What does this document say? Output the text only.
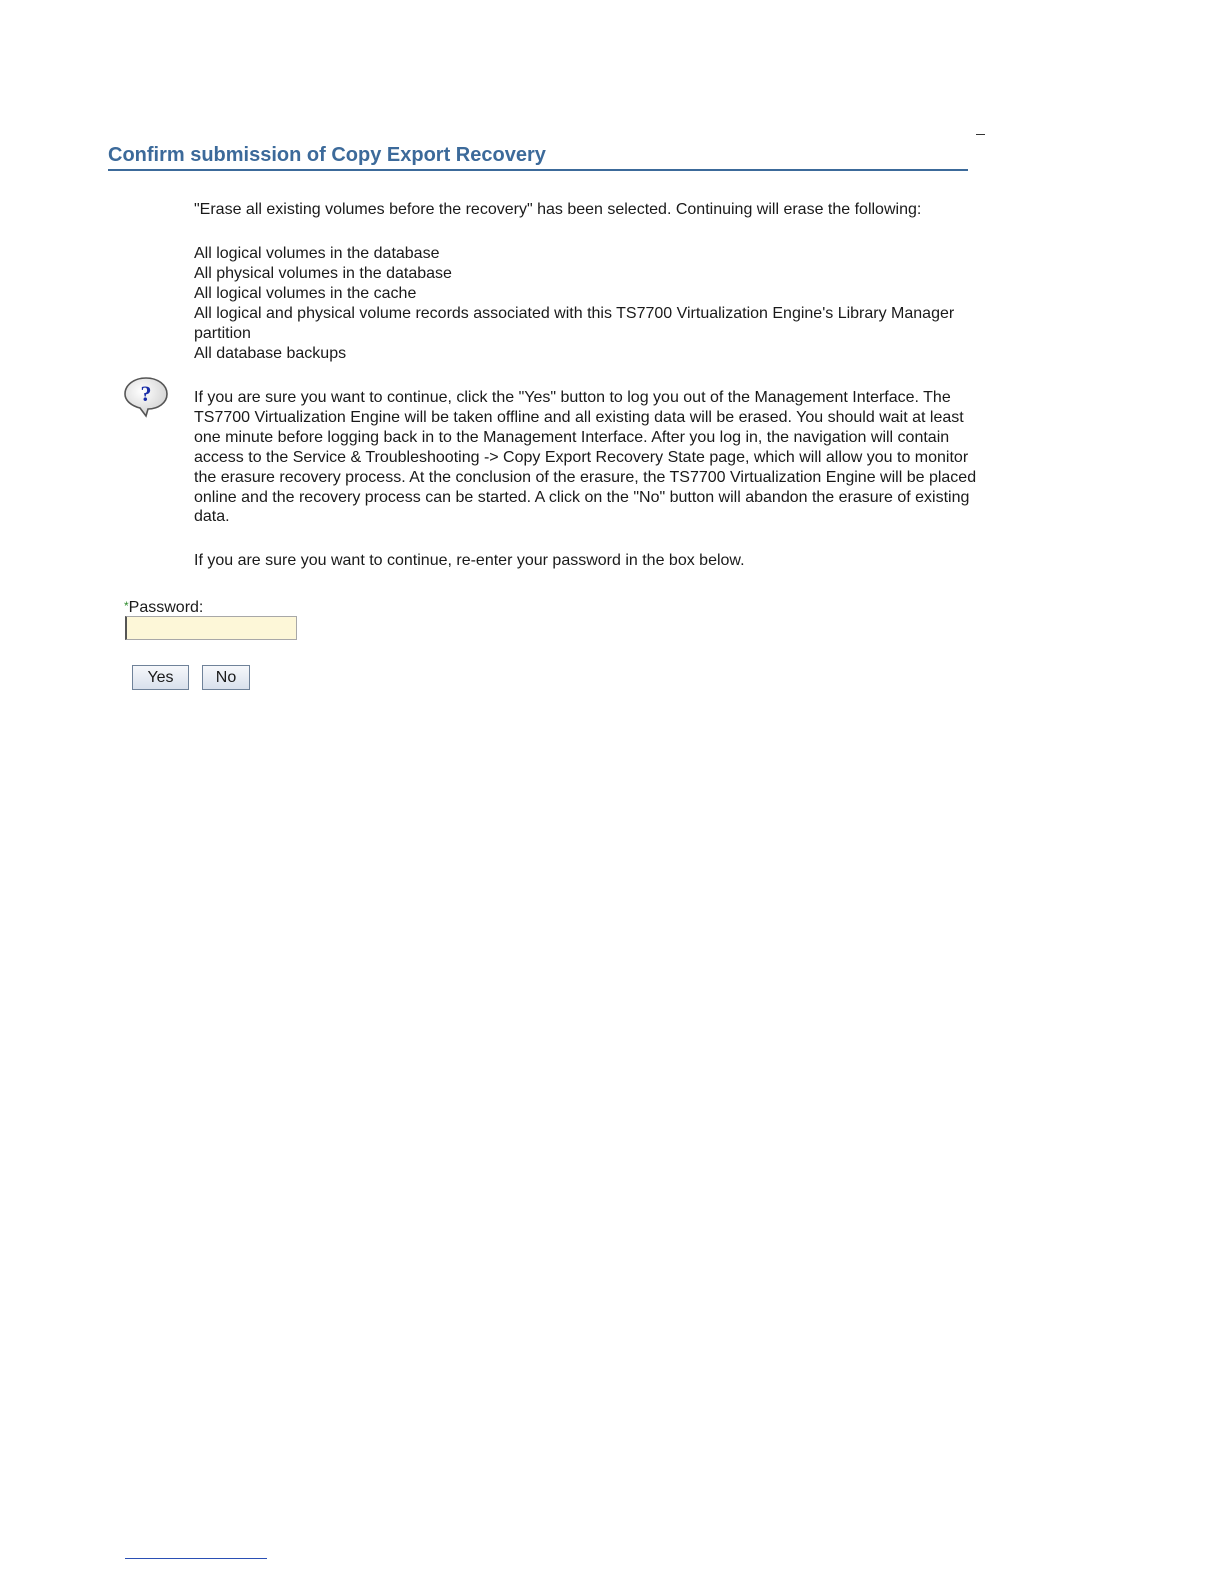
Confirm submission of Copy Export Recovery

"Erase all existing volumes before the recovery" has been selected. Continuing will erase the following:

All logical volumes in the database
All physical volumes in the database
All logical volumes in the cache
All logical and physical volume records associated with this TS7700 Virtualization Engine's Library Manager partition
All database backups
?	If you are sure you want to continue, click the "Yes" button to log you out of the Management Interface. The TS7700 Virtualization Engine will be taken offline and all existing data will be erased. You should wait at least one minute before logging back in to the Management Interface. After you log in, the navigation will contain access to the Service & Troubleshooting -> Copy Export Recovery State page, which will allow you to monitor the erasure recovery process. At the conclusion of the erasure, the TS7700 Virtualization Engine will be placed online and the recovery process can be started. A click on the "No" button will abandon the erasure of existing data.

If you are sure you want to continue, re-enter your password in the box below.

*Password:
Yes	No
